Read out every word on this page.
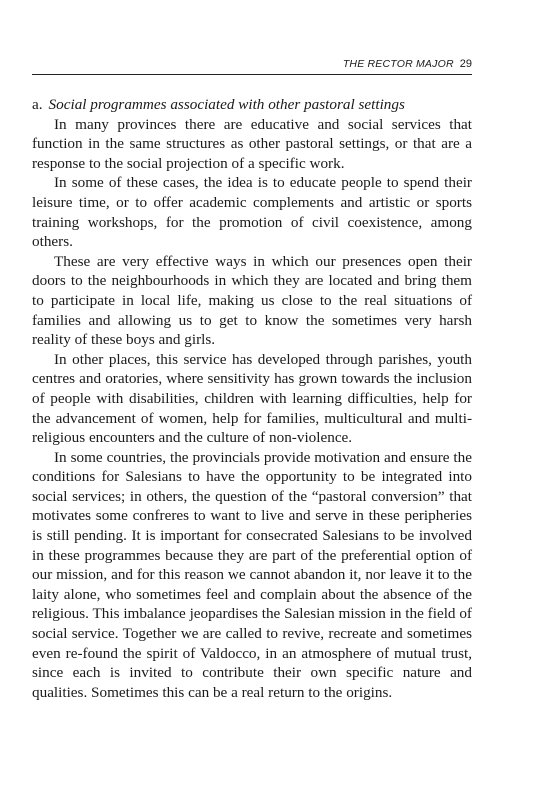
THE RECTOR MAJOR 29
a. Social programmes associated with other pastoral settings

In many provinces there are educative and social services that function in the same structures as other pastoral settings, or that are a response to the social projection of a specific work.

In some of these cases, the idea is to educate people to spend their leisure time, or to offer academic complements and artistic or sports training workshops, for the promotion of civil coexistence, among others.

These are very effective ways in which our presences open their doors to the neighbourhoods in which they are located and bring them to participate in local life, making us close to the real situations of families and allowing us to get to know the sometimes very harsh reality of these boys and girls.

In other places, this service has developed through parishes, youth centres and oratories, where sensitivity has grown towards the inclusion of people with disabilities, children with learning difficulties, help for the advancement of women, help for families, multicultural and multi-religious encounters and the culture of non-violence.

In some countries, the provincials provide motivation and ensure the conditions for Salesians to have the opportunity to be integrated into social services; in others, the question of the “pastoral conversion” that motivates some confreres to want to live and serve in these peripheries is still pending. It is important for consecrated Salesians to be involved in these programmes because they are part of the preferential option of our mission, and for this reason we cannot abandon it, nor leave it to the laity alone, who sometimes feel and complain about the absence of the religious. This imbalance jeopardises the Salesian mission in the field of social service. Together we are called to revive, recreate and sometimes even re-found the spirit of Valdocco, in an atmosphere of mutual trust, since each is invited to contribute their own specific nature and qualities. Sometimes this can be a real return to the origins.
